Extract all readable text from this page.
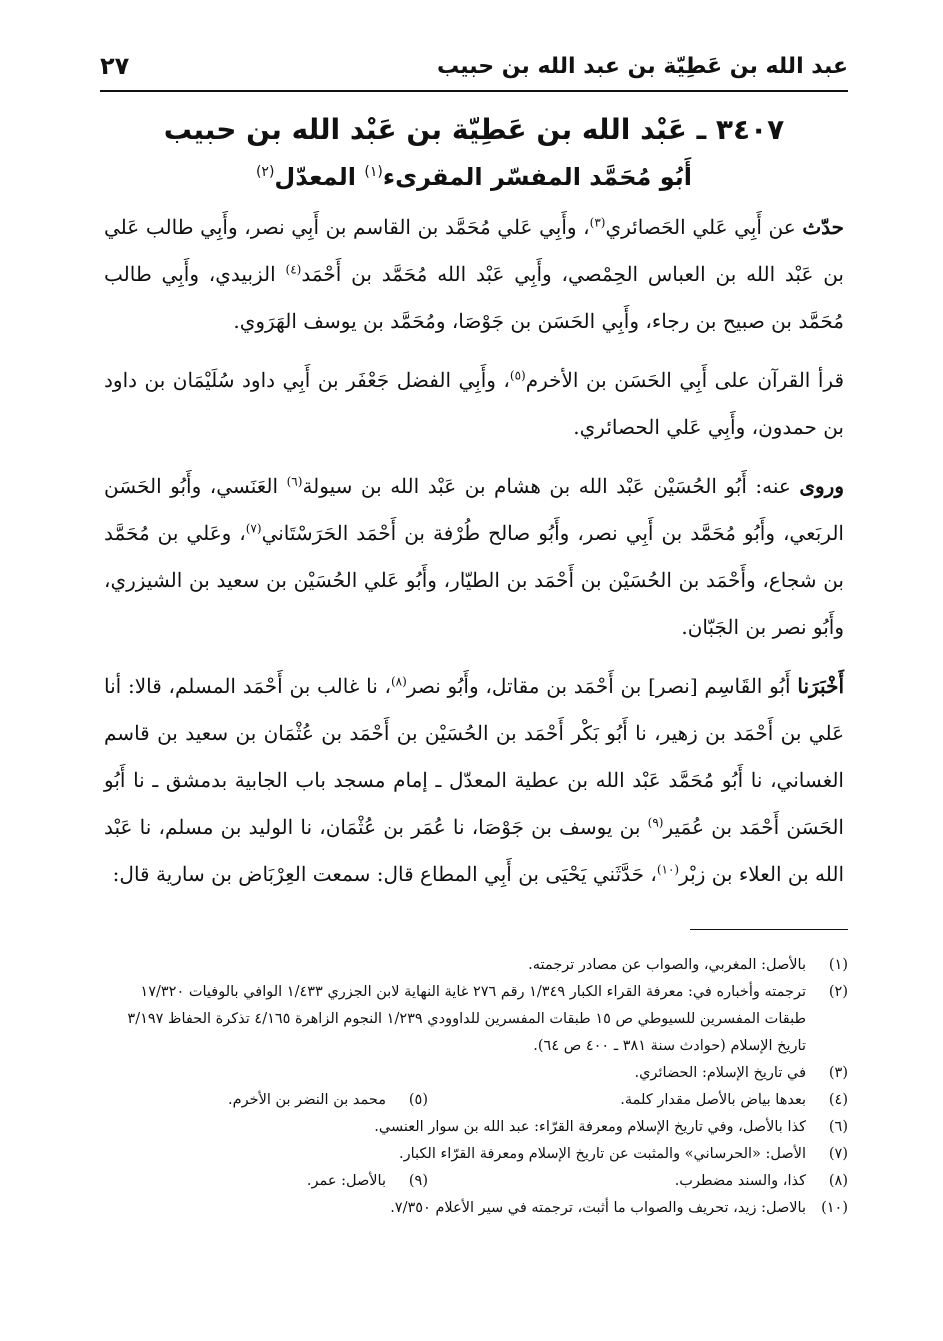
عبد الله بن عَطِيّة بن عبد الله بن حبيب
٢٧
٣٤٠٧ ـ عَبْد الله بن عَطِيّة بن عَبْد الله بن حبيب
أَبُو مُحَمَّد المفسّر المقرىء$^{(١)}$ المعدّل$^{(٢)}$

حدّث عن أَبِي عَلي الحَصائري$^{(٣)}$، وأَبِي عَلي مُحَمَّد بن القاسم بن أَبِي نصر، وأَبِي طالب عَلي بن عَبْد الله بن العباس الحِمْصي، وأَبِي عَبْد الله مُحَمَّد بن أَحْمَد$^{(٤)}$ الزبيدي، وأَبِي طالب مُحَمَّد بن صبيح بن رجاء، وأَبِي الحَسَن بن جَوْصَا، ومُحَمَّد بن يوسف الهَرَوي.

قرأ القرآن على أَبِي الحَسَن بن الأخرم$^{(٥)}$، وأَبِي الفضل جَعْفَر بن أَبِي داود سُلَيْمَان بن داود بن حمدون، وأَبِي عَلي الحصائري.

وروى عنه: أَبُو الحُسَيْن عَبْد الله بن هشام بن عَبْد الله بن سيولة$^{(٦)}$ العَنَسي، وأَبُو الحَسَن الربَعي، وأَبُو مُحَمَّد بن أَبِي نصر، وأَبُو صالح طُرْفة بن أَحْمَد الحَرَسْتَاني$^{(٧)}$، وعَلي بن مُحَمَّد بن شجاع، وأَحْمَد بن الحُسَيْن بن أَحْمَد بن الطيّار، وأَبُو عَلي الحُسَيْن بن سعيد بن الشيزري، وأَبُو نصر بن الجَبّان.

أَخْبَرَنا أَبُو القَاسِم [نصر] بن أَحْمَد بن مقاتل، وأَبُو نصر$^{(٨)}$، نا غالب بن أَحْمَد المسلم، قالا: أنا عَلي بن أَحْمَد بن زهير، نا أَبُو بَكْر أَحْمَد بن الحُسَيْن بن أَحْمَد بن عُثْمَان بن سعيد بن قاسم الغساني، نا أَبُو مُحَمَّد عَبْد الله بن عطية المعدّل ـ إمام مسجد باب الجابية بدمشق ـ نا أَبُو الحَسَن أَحْمَد بن عُمَير$^{(٩)}$ بن يوسف بن جَوْصَا، نا عُمَر بن عُثْمَان، نا الوليد بن مسلم، نا عَبْد الله بن العلاء بن زبْر$^{(١٠)}$، حَدَّثَني يَحْيَى بن أَبِي المطاع قال: سمعت العِرْبَاض بن سارية قال:

(١)
بالأصل: المغربي، والصواب عن مصادر ترجمته.
(٢)
ترجمته وأخباره في: معرفة القراء الكبار ١/٣٤٩ رقم ٢٧٦ غاية النهاية لابن الجزري ١/٤٣٣ الوافي بالوفيات ١٧/٣٢٠ طبقات المفسرين للسيوطي ص ١٥ طبقات المفسرين للداوودي ١/٢٣٩ النجوم الزاهرة ٤/١٦٥ تذكرة الحفاظ ٣/١٩٧ تاريخ الإسلام (حوادث سنة ٣٨١ ـ ٤٠٠ ص ٦٤).
(٣)
في تاريخ الإسلام: الحضائري.
(٤)
بعدها بياض بالأصل مقدار كلمة.
(٥)
محمد بن النضر بن الأخرم.
(٦)
كذا بالأصل، وفي تاريخ الإسلام ومعرفة القرّاء: عبد الله بن سوار العنسي.
(٧)
الأصل: «الحرساني» والمثبت عن تاريخ الإسلام ومعرفة القرّاء الكبار.
(٨)
كذا، والسند مضطرب.
(٩)
بالأصل: عمر.
(١٠)
بالاصل: زيد، تحريف والصواب ما أثبت، ترجمته في سير الأعلام ٧/٣٥٠.
